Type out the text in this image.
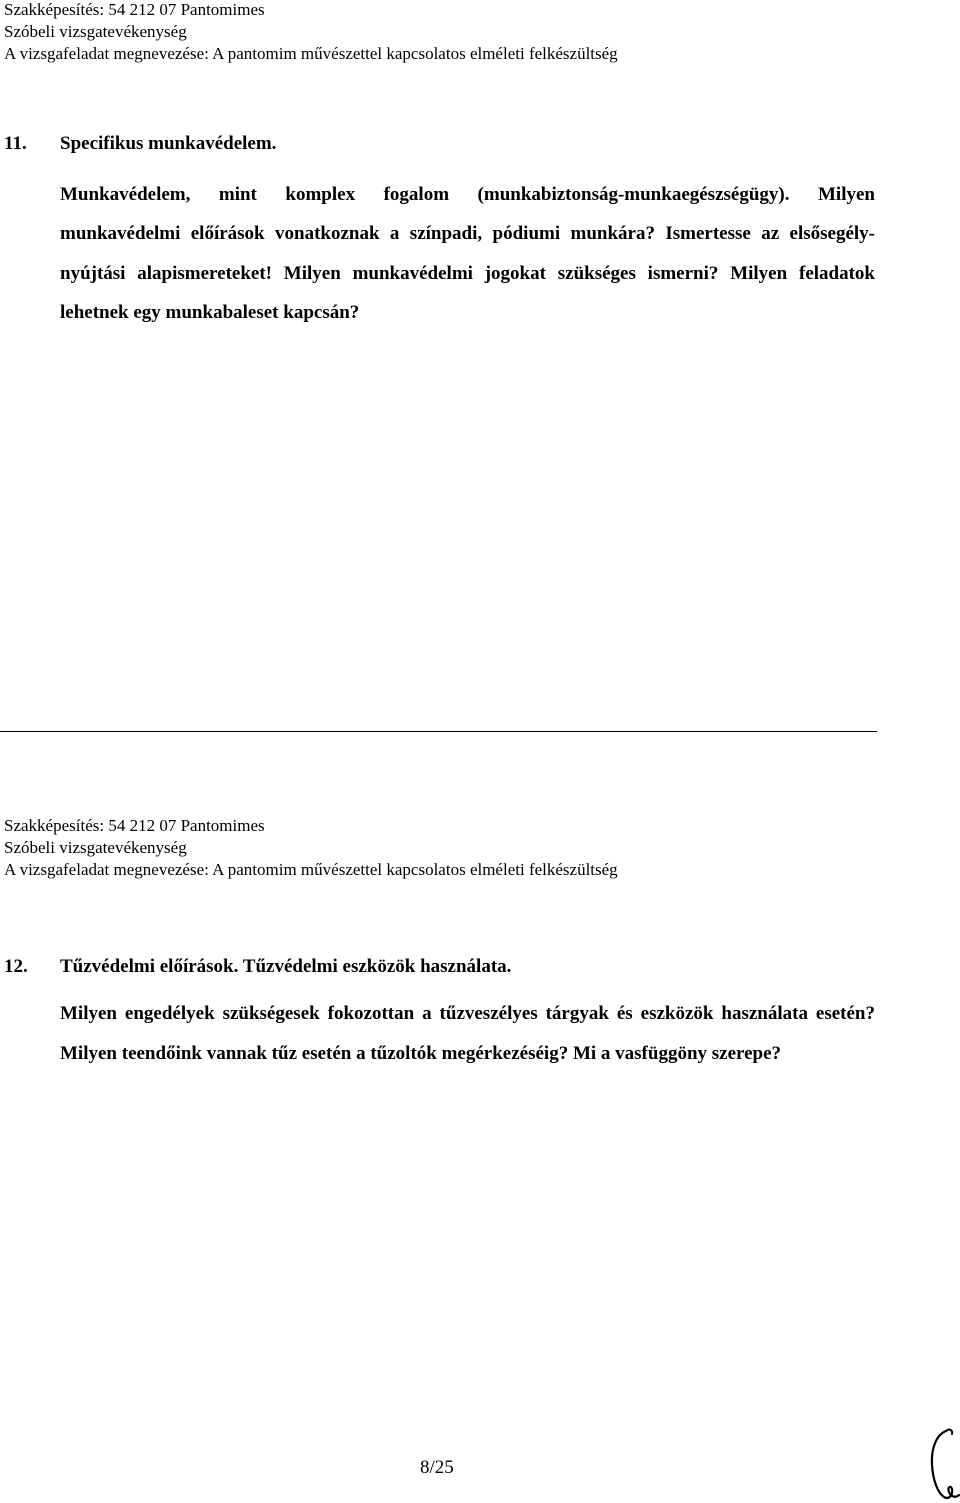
Szakképesítés: 54 212 07 Pantomimes

Szóbeli vizsgatevékenység

A vizsgafeladat megnevezése: A pantomim művészettel kapcsolatos elméleti felkészültség

11. Specifikus munkavédelem.

Munkavédelem, mint komplex fogalom (munkabiztonság-munkaegészségügy). Milyen munkavédelmi előírások vonatkoznak a színpadi, pódiumi munkára? Ismertesse az elsősegély-nyújtási alapismereteket! Milyen munkavédelmi jogokat szükséges ismerni? Milyen feladatok lehetnek egy munkabaleset kapcsán?

Szakképesítés: 54 212 07 Pantomimes

Szóbeli vizsgatevékenység

A vizsgafeladat megnevezése: A pantomim művészettel kapcsolatos elméleti felkészültség

12. Tűzvédelmi előírások. Tűzvédelmi eszközök használata.

Milyen engedélyek szükségesek fokozottan a tűzveszélyes tárgyak és eszközök használata esetén? Milyen teendőink vannak tűz esetén a tűzoltók megérkezéséig? Mi a vasfüggöny szerepe?

8/25
